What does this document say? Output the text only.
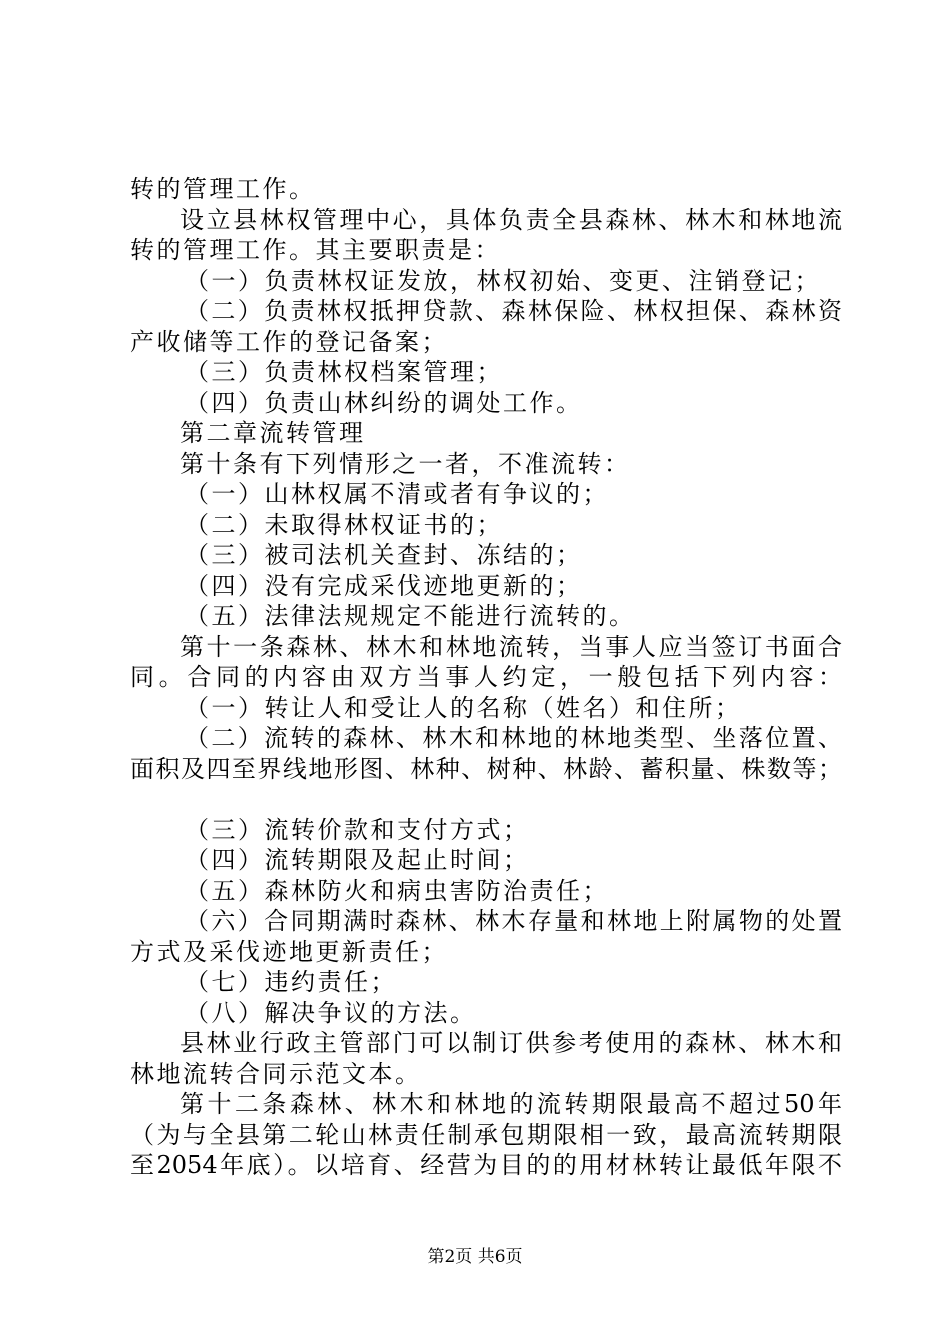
转的管理工作。
设立县林权管理中心，具体负责全县森林、林木和林地流
转的管理工作。其主要职责是：
（一）负责林权证发放，林权初始、变更、注销登记；
（二）负责林权抵押贷款、森林保险、林权担保、森林资
产收储等工作的登记备案；
（三）负责林权档案管理；
（四）负责山林纠纷的调处工作。
第二章流转管理
第十条有下列情形之一者，不准流转：
（一）山林权属不清或者有争议的；
（二）未取得林权证书的；
（三）被司法机关查封、冻结的；
（四）没有完成采伐迹地更新的；
（五）法律法规规定不能进行流转的。
第十一条森林、林木和林地流转，当事人应当签订书面合
同。合同的内容由双方当事人约定，一般包括下列内容：
（一）转让人和受让人的名称（姓名）和住所；
（二）流转的森林、林木和林地的林地类型、坐落位置、
面积及四至界线地形图、林种、树种、林龄、蓄积量、株数等；
（三）流转价款和支付方式；
（四）流转期限及起止时间；
（五）森林防火和病虫害防治责任；
（六）合同期满时森林、林木存量和林地上附属物的处置
方式及采伐迹地更新责任；
（七）违约责任；
（八）解决争议的方法。
县林业行政主管部门可以制订供参考使用的森林、林木和
林地流转合同示范文本。
第十二条森林、林木和林地的流转期限最高不超过50年
（为与全县第二轮山林责任制承包期限相一致，最高流转期限
至2054年底）。以培育、经营为目的的用材林转让最低年限不
第2页 共6页
